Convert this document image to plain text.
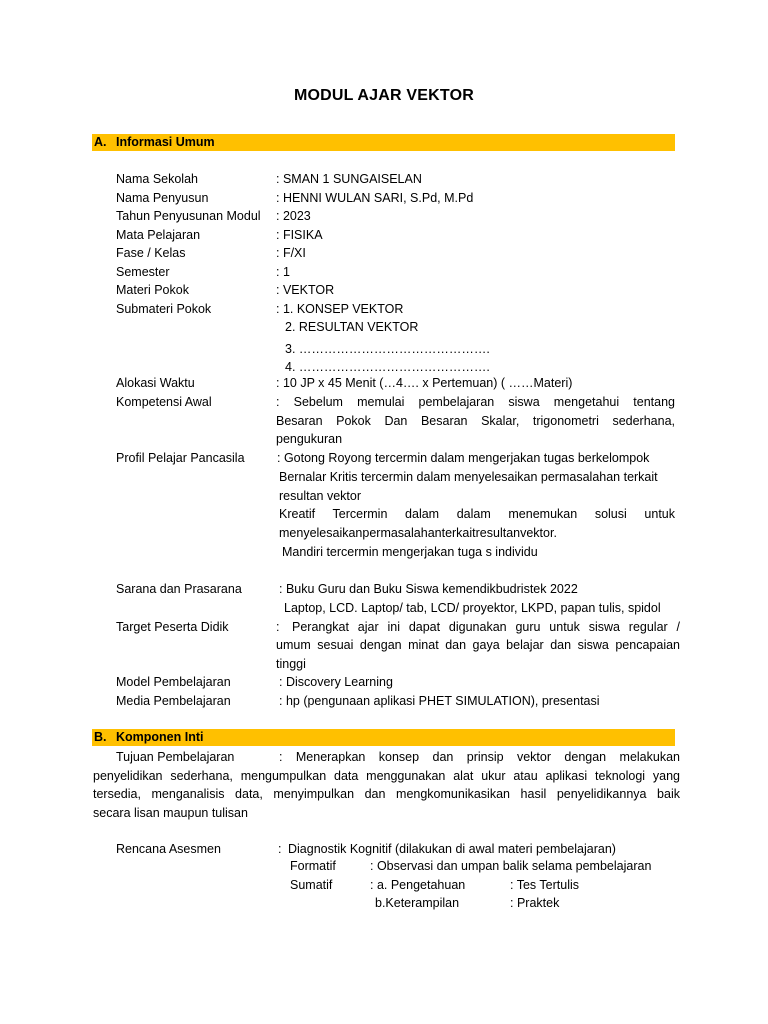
MODUL AJAR VEKTOR
A. Informasi Umum
Nama Sekolah	: SMAN 1 SUNGAISELAN
Nama Penyusun	: HENNI WULAN SARI, S.Pd, M.Pd
Tahun Penyusunan Modul : 2023
Mata Pelajaran	: FISIKA
Fase / Kelas	: F/XI
Semester	: 1
Materi Pokok	: VEKTOR
Submateri Pokok	: 1. KONSEP VEKTOR
2. RESULTAN VEKTOR
3. ……………………………………….
4. ……………………………………….
Alokasi Waktu	: 10 JP x 45 Menit (…4…. x Pertemuan) ( ……Materi)
Kompetensi Awal	: Sebelum memulai pembelajaran siswa mengetahui tentang
Besaran Pokok Dan Besaran Skalar, trigonometri sederhana,
pengukuran
Profil Pelajar Pancasila	: Gotong Royong tercermin dalam mengerjakan tugas berkelompok
Bernalar Kritis tercermin dalam menyelesaikan permasalahan terkait
resultan vektor
Kreatif Tercermin dalam dalam menemukan solusi untuk
menyelesaikanpermasalahanterkaitresultanvektor.
Mandiri tercermin mengerjakan tuga s individu
Sarana dan Prasarana	: Buku Guru dan Buku Siswa kemendikbudristek 2022
Laptop, LCD. Laptop/ tab, LCD/ proyektor, LKPD, papan tulis, spidol
Target Peserta Didik	: Perangkat ajar ini dapat digunakan guru untuk siswa regular /
umum sesuai dengan minat dan gaya belajar dan siswa pencapaian
tinggi
Model Pembelajaran	: Discovery Learning
Media Pembelajaran	: hp (pengunaan aplikasi PHET SIMULATION), presentasi
B. Komponen Inti
Tujuan Pembelajaran	: Menerapkan konsep dan prinsip vektor dengan melakukan
penyelidikan sederhana, mengumpulkan data menggunakan alat ukur atau aplikasi teknologi yang
tersedia, menganalisis data, menyimpulkan dan mengkomunikasikan hasil penyelidikannya baik
secara lisan maupun tulisan
Rencana Asesmen	: Diagnostik Kognitif (dilakukan di awal materi pembelajaran)
Formatif	: Observasi dan umpan balik selama pembelajaran
Sumatif	: a. Pengetahuan	: Tes Tertulis
b.Keterampilan	: Praktek
